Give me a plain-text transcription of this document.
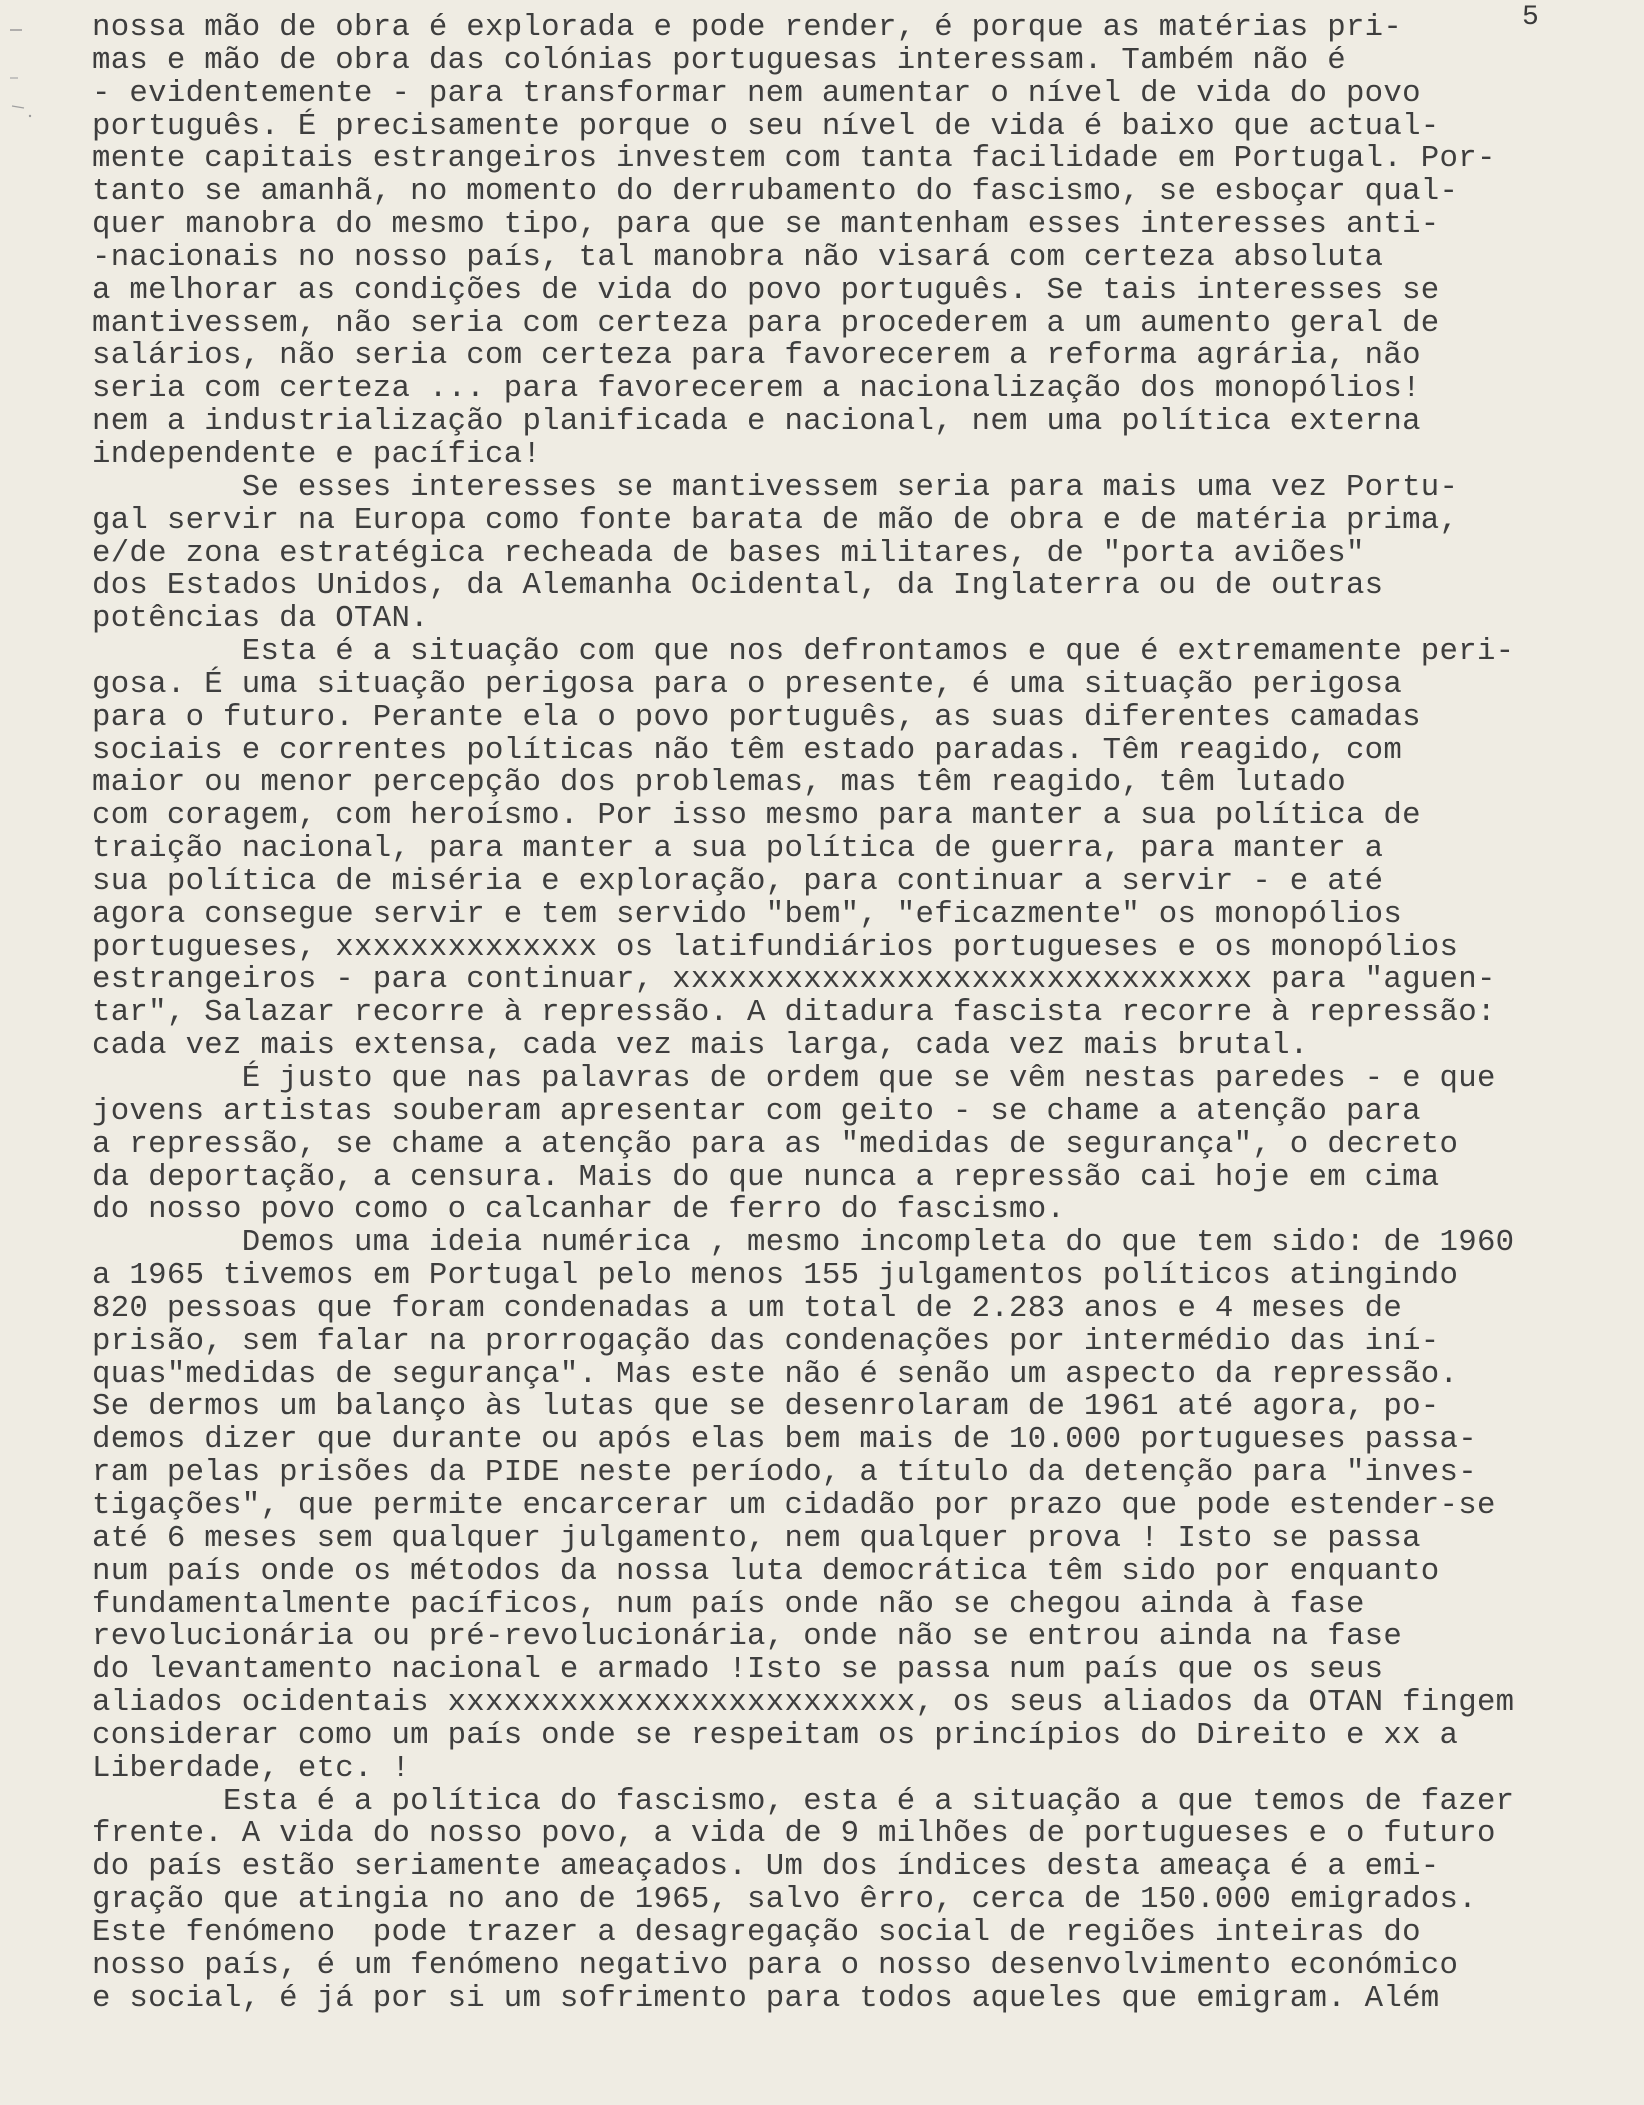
5
nossa mão de obra é explorada e pode render, é porque as matérias pri-
mas e mão de obra das colónias portuguesas interessam. Também não é
- evidentemente - para transformar nem aumentar o nível de vida do povo
português. É precisamente porque o seu nível de vida é baixo que actual-
mente capitais estrangeiros investem com tanta facilidade em Portugal. Por-
tanto se amanhã, no momento do derrubamento do fascismo, se esboçar qual-
quer manobra do mesmo tipo, para que se mantenham esses interesses anti-
-nacionais no nosso país, tal manobra não visará com certeza absoluta
a melhorar as condições de vida do povo português. Se tais interesses se
mantivessem, não seria com certeza para procederem a um aumento geral de
salários, não seria com certeza para favorecerem a reforma agrária, não
seria com certeza ... para favorecerem a nacionalização dos monopólios!
nem a industrialização planificada e nacional, nem uma política externa
independente e pacífica!
Se esses interesses se mantivessem seria para mais uma vez Portu-
gal servir na Europa como fonte barata de mão de obra e de matéria prima,
e/de zona estratégica recheada de bases militares, de "porta aviões"
dos Estados Unidos, da Alemanha Ocidental, da Inglaterra ou de outras
potências da OTAN.
Esta é a situação com que nos defrontamos e que é extremamente peri-
gosa. É uma situação perigosa para o presente, é uma situação perigosa
para o futuro. Perante ela o povo português, as suas diferentes camadas
sociais e correntes políticas não têm estado paradas. Têm reagido, com
maior ou menor percepção dos problemas, mas têm reagido, têm lutado
com coragem, com heroísmo. Por isso mesmo para manter a sua política de
traição nacional, para manter a sua política de guerra, para manter a
sua política de miséria e exploração, para continuar a servir - e até
agora consegue servir e tem servido "bem", "eficazmente" os monopólios
portugueses, xxxxxxxxxxxxxx os latifundiários portugueses e os monopólios
estrangeiros - para continuar, xxxxxxxxxxxxxxxxxxxxxxxxxxxxxxx para "aguen-
tar", Salazar recorre à repressão. A ditadura fascista recorre à repressão:
cada vez mais extensa, cada vez mais larga, cada vez mais brutal.
É justo que nas palavras de ordem que se vêm nestas paredes - e que
jovens artistas souberam apresentar com geito - se chame a atenção para
a repressão, se chame a atenção para as "medidas de segurança", o decreto
da deportação, a censura. Mais do que nunca a repressão cai hoje em cima
do nosso povo como o calcanhar de ferro do fascismo.
Demos uma ideia numérica , mesmo incompleta do que tem sido: de 1960
a 1965 tivemos em Portugal pelo menos 155 julgamentos políticos atingindo
820 pessoas que foram condenadas a um total de 2.283 anos e 4 meses de
prisão, sem falar na prorrogação das condenações por intermédio das iní-
quas"medidas de segurança". Mas este não é senão um aspecto da repressão.
Se dermos um balanço às lutas que se desenrolaram de 1961 até agora, po-
demos dizer que durante ou após elas bem mais de 10.000 portugueses passa-
ram pelas prisões da PIDE neste período, a título da detenção para "inves-
tigações", que permite encarcerar um cidadão por prazo que pode estender-se
até 6 meses sem qualquer julgamento, nem qualquer prova ! Isto se passa
num país onde os métodos da nossa luta democrática têm sido por enquanto
fundamentalmente pacíficos, num país onde não se chegou ainda à fase
revolucionária ou pré-revolucionária, onde não se entrou ainda na fase
do levantamento nacional e armado !Isto se passa num país que os seus
aliados ocidentais xxxxxxxxxxxxxxxxxxxxxxxxx, os seus aliados da OTAN fingem
considerar como um país onde se respeitam os princípios do Direito e xx a
Liberdade, etc. !
Esta é a política do fascismo, esta é a situação a que temos de fazer
frente. A vida do nosso povo, a vida de 9 milhões de portugueses e o futuro
do país estão seriamente ameaçados. Um dos índices desta ameaça é a emi-
gração que atingia no ano de 1965, salvo êrro, cerca de 150.000 emigrados.
Este fenómeno  pode trazer a desagregação social de regiões inteiras do
nosso país, é um fenómeno negativo para o nosso desenvolvimento económico
e social, é já por si um sofrimento para todos aqueles que emigram. Além
